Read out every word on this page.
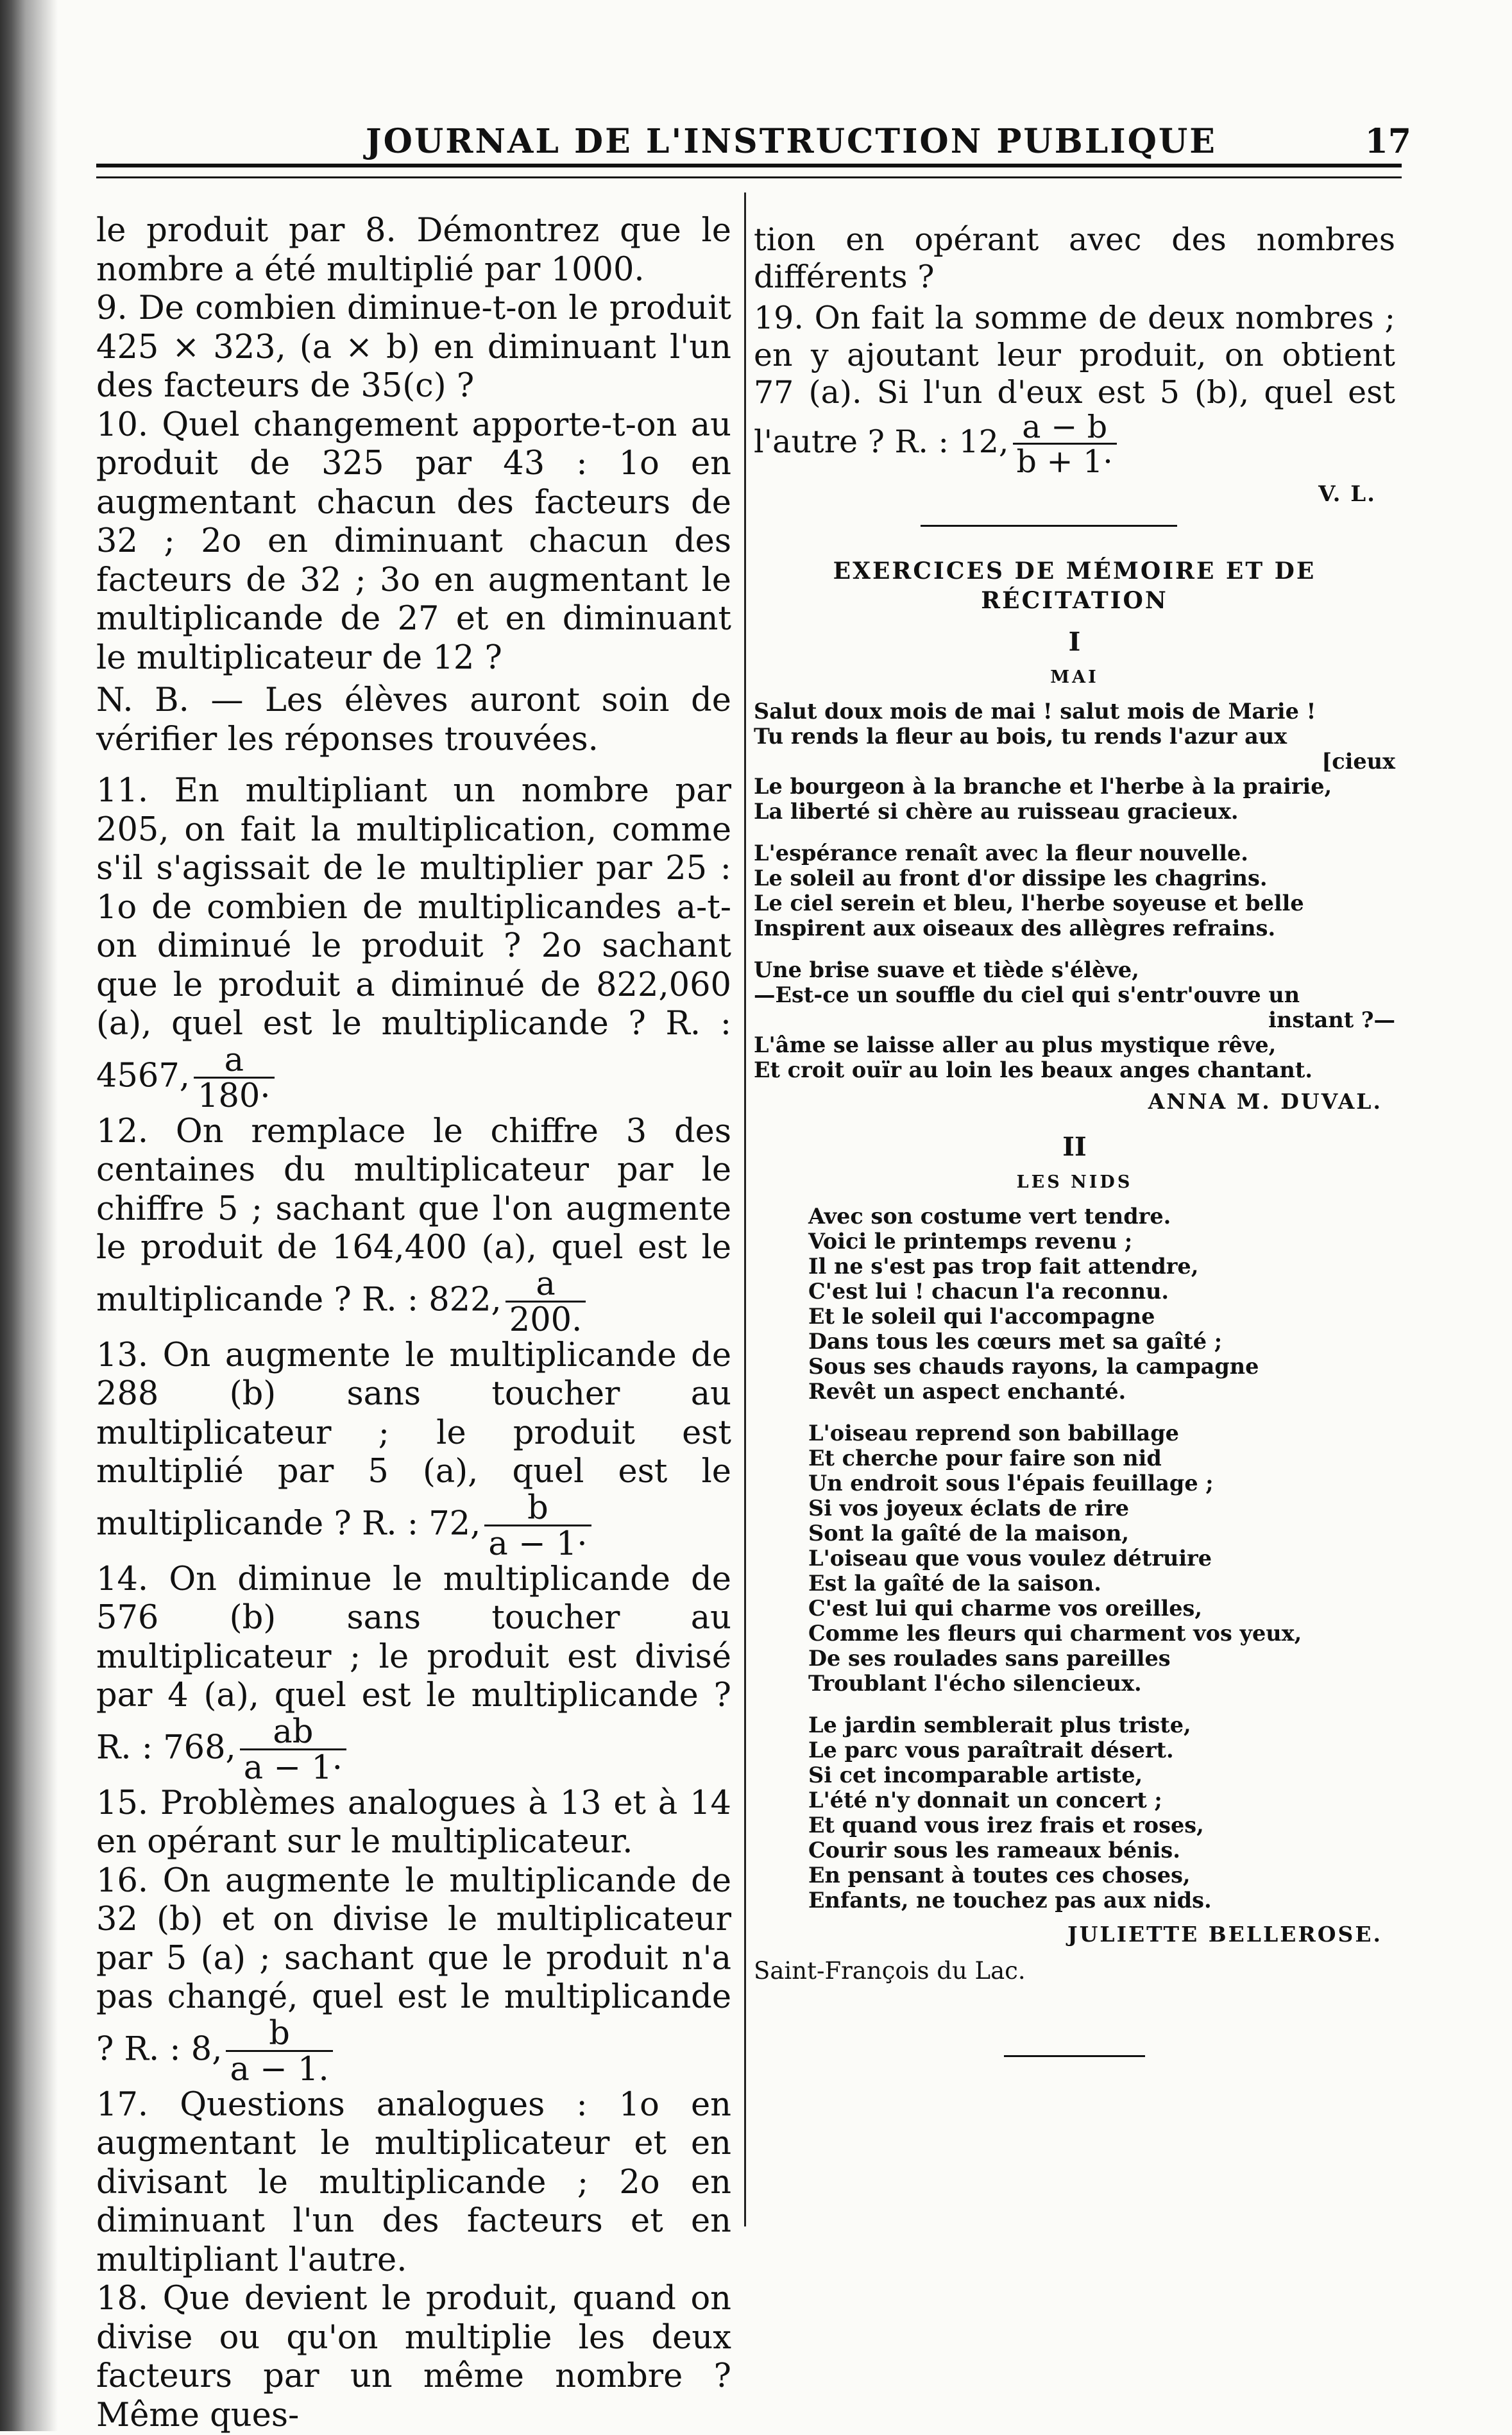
JOURNAL DE L'INSTRUCTION PUBLIQUE	17

le produit par 8. Démontrez que le nombre a été multiplié par 1000.

9. De combien diminue-t-on le produit 425 × 323, (a × b) en diminuant l'un des facteurs de 35(c) ?

10. Quel changement apporte-t-on au produit de 325 par 43 : 1o en augmentant chacun des facteurs de 32 ; 2o en diminuant chacun des facteurs de 32 ; 3o en augmentant le multiplicande de 27 et en diminuant le multiplicateur de 12 ?

N. B. — Les élèves auront soin de vérifier les réponses trouvées.

11. En multipliant un nombre par 205, on fait la multiplication, comme s'il s'agissait de le multiplier par 25 : 1o de combien de multiplicandes a-t-on diminué le produit ? 2o sachant que le produit a diminué de 822,060 (a), quel est le multiplicande ? R. : 4567, $\frac{a}{180\cdot}$

12. On remplace le chiffre 3 des centaines du multiplicateur par le chiffre 5 ; sachant que l'on augmente le produit de 164,400 (a), quel est le multiplicande ? R. : 822, $\frac{a}{200.}$

13. On augmente le multiplicande de 288 (b) sans toucher au multiplicateur ; le produit est multiplié par 5 (a), quel est le multiplicande ? R. : 72, $\frac{b}{a - 1\cdot}$

14. On diminue le multiplicande de 576 (b) sans toucher au multiplicateur ; le produit est divisé par 4 (a), quel est le multiplicande ? R. : 768, $\frac{ab}{a - 1\cdot}$

15. Problèmes analogues à 13 et à 14 en opérant sur le multiplicateur.

16. On augmente le multiplicande de 32 (b) et on divise le multiplicateur par 5 (a) ; sachant que le produit n'a pas changé, quel est le multiplicande ? R. : 8, $\frac{b}{a - 1.}$

17. Questions analogues : 1o en augmentant le multiplicateur et en divisant le multiplicande ; 2o en diminuant l'un des facteurs et en multipliant l'autre.

18. Que devient le produit, quand on divise ou qu'on multiplie les deux facteurs par un même nombre ? Même ques-

tion en opérant avec des nombres différents ?

19. On fait la somme de deux nombres ; en y ajoutant leur produit, on obtient 77 (a). Si l'un d'eux est 5 (b), quel est l'autre ? R. : 12, $\frac{a - b}{b + 1\cdot}$

V. L.

EXERCICES DE MÉMOIRE ET DE RÉCITATION

I
MAI
Salut doux mois de mai ! salut mois de Marie !
Tu rends la fleur au bois, tu rends l'azur aux
[cieux
Le bourgeon à la branche et l'herbe à la prairie,
La liberté si chère au ruisseau gracieux.
L'espérance renaît avec la fleur nouvelle.
Le soleil au front d'or dissipe les chagrins.
Le ciel serein et bleu, l'herbe soyeuse et belle
Inspirent aux oiseaux des allègres refrains.
Une brise suave et tiède s'élève,
—Est-ce un souffle du ciel qui s'entr'ouvre un
instant ?—
L'âme se laisse aller au plus mystique rêve,
Et croit ouïr au loin les beaux anges chantant.
ANNA M. DUVAL.
II
LES NIDS
Avec son costume vert tendre.
Voici le printemps revenu ;
Il ne s'est pas trop fait attendre,
C'est lui ! chacun l'a reconnu.
Et le soleil qui l'accompagne
Dans tous les cœurs met sa gaîté ;
Sous ses chauds rayons, la campagne
Revêt un aspect enchanté.
L'oiseau reprend son babillage
Et cherche pour faire son nid
Un endroit sous l'épais feuillage ;
Si vos joyeux éclats de rire
Sont la gaîté de la maison,
L'oiseau que vous voulez détruire
Est la gaîté de la saison.
C'est lui qui charme vos oreilles,
Comme les fleurs qui charment vos yeux,
De ses roulades sans pareilles
Troublant l'écho silencieux.
Le jardin semblerait plus triste,
Le parc vous paraîtrait désert.
Si cet incomparable artiste,
L'été n'y donnait un concert ;
Et quand vous irez frais et roses,
Courir sous les rameaux bénis.
En pensant à toutes ces choses,
Enfants, ne touchez pas aux nids.
JULIETTE BELLEROSE.

Saint-François du Lac.
